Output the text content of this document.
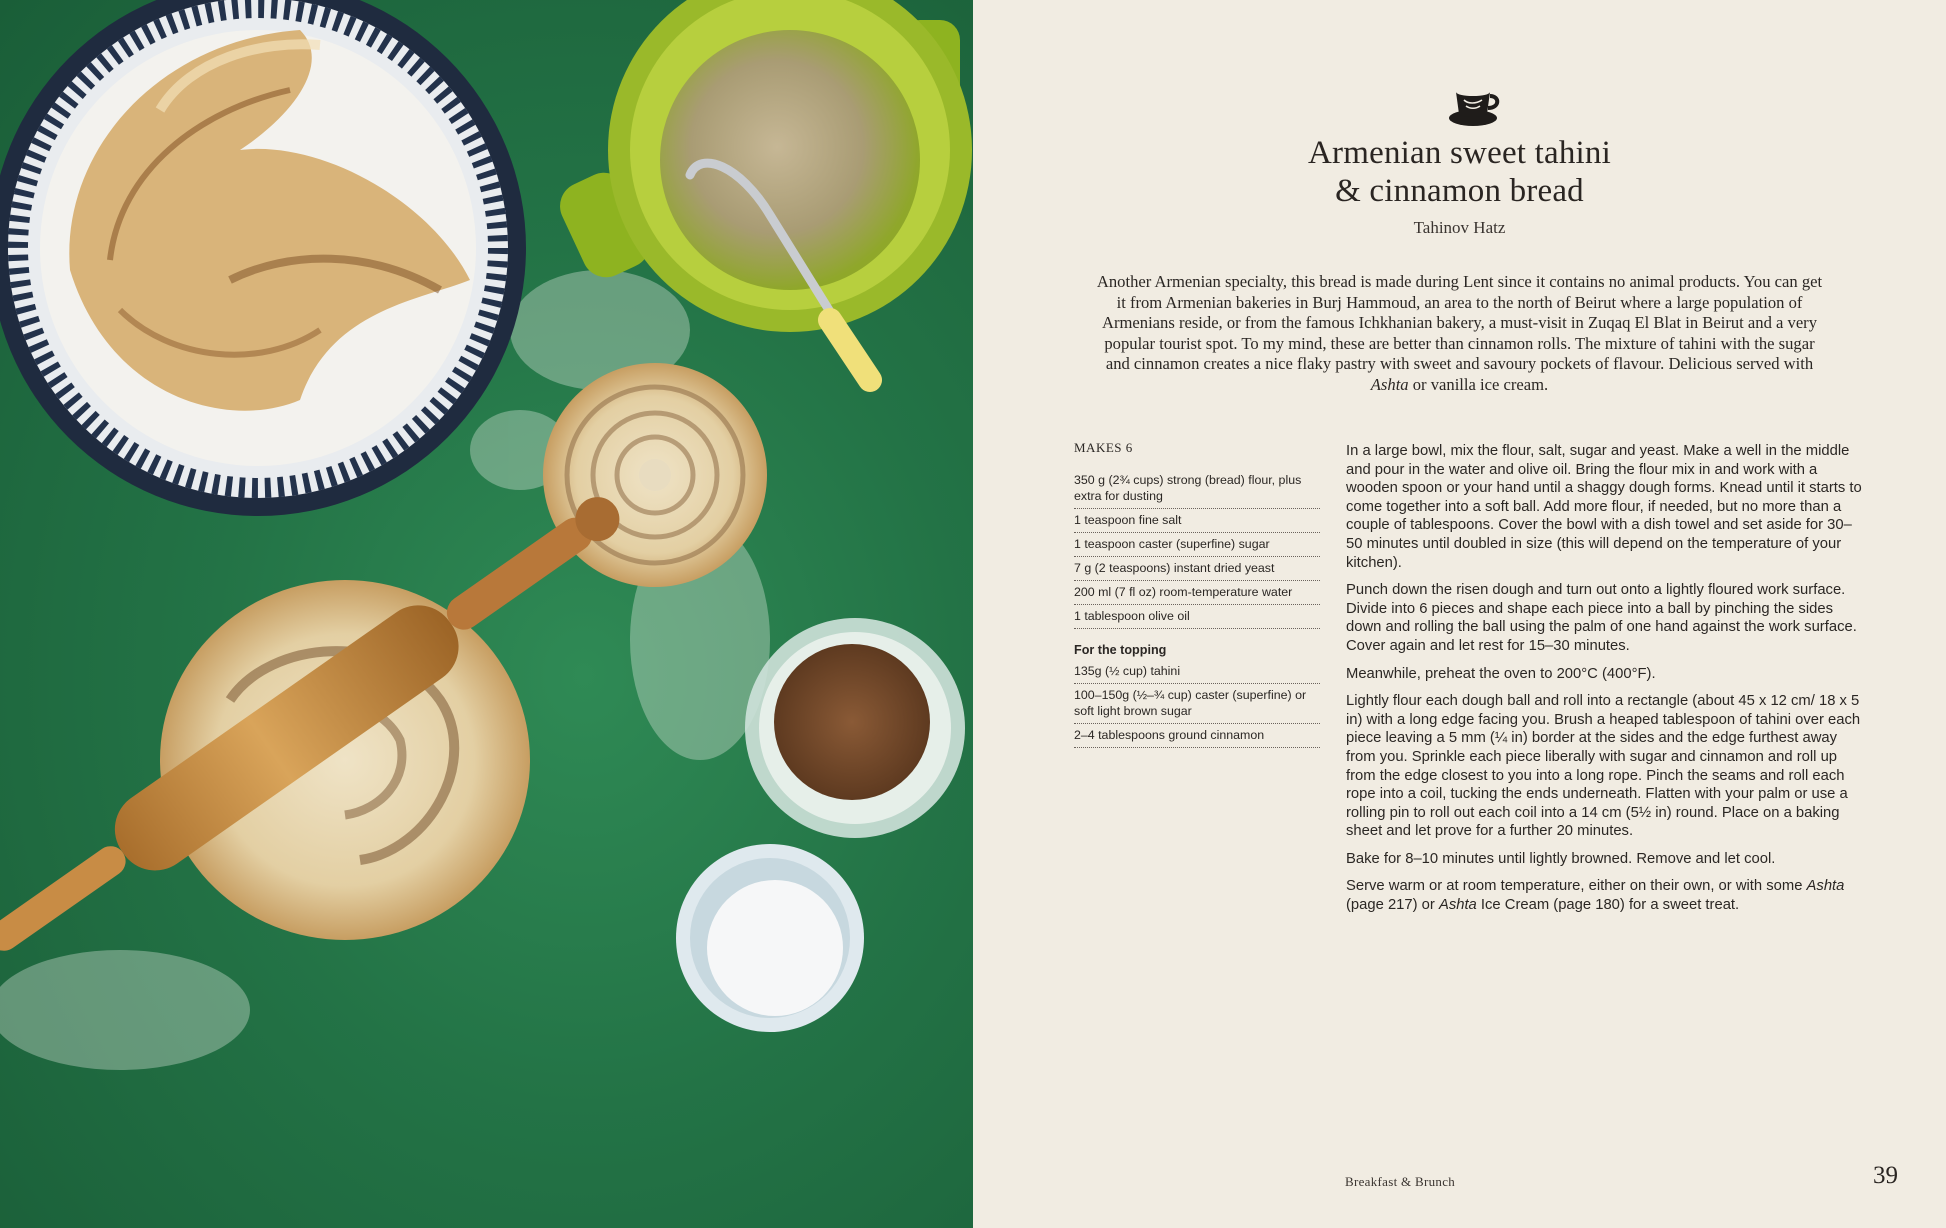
Armenian sweet tahini
& cinnamon bread
Tahinov Hatz

Another Armenian specialty, this bread is made during Lent since it contains no animal products. You can get it from Armenian bakeries in Burj Hammoud, an area to the north of Beirut where a large population of Armenians reside, or from the famous Ichkhanian bakery, a must-visit in Zuqaq El Blat in Beirut and a very popular tourist spot. To my mind, these are better than cinnamon rolls. The mixture of tahini with the sugar and cinnamon creates a nice flaky pastry with sweet and savoury pockets of flavour. Delicious served with Ashta or vanilla ice cream.

MAKES 6
350 g (2¾ cups) strong (bread) flour, plus extra for dusting
1 teaspoon fine salt
1 teaspoon caster (superfine) sugar
7 g (2 teaspoons) instant dried yeast
200 ml (7 fl oz) room-temperature water
1 tablespoon olive oil
For the topping
135g (½ cup) tahini
100–150g (½–¾ cup) caster (superfine) or soft light brown sugar
2–4 tablespoons ground cinnamon

In a large bowl, mix the flour, salt, sugar and yeast. Make a well in the middle and pour in the water and olive oil. Bring the flour mix in and work with a wooden spoon or your hand until a shaggy dough forms. Knead until it starts to come together into a soft ball. Add more flour, if needed, but no more than a couple of tablespoons. Cover the bowl with a dish towel and set aside for 30–50 minutes until doubled in size (this will depend on the temperature of your kitchen).

Punch down the risen dough and turn out onto a lightly floured work surface. Divide into 6 pieces and shape each piece into a ball by pinching the sides down and rolling the ball using the palm of one hand against the work surface. Cover again and let rest for 15–30 minutes.

Meanwhile, preheat the oven to 200°C (400°F).

Lightly flour each dough ball and roll into a rectangle (about 45 x 12 cm/ 18 x 5 in) with a long edge facing you. Brush a heaped tablespoon of tahini over each piece leaving a 5 mm (¼ in) border at the sides and the edge furthest away from you. Sprinkle each piece liberally with sugar and cinnamon and roll up from the edge closest to you into a long rope. Pinch the seams and roll each rope into a coil, tucking the ends underneath. Flatten with your palm or use a rolling pin to roll out each coil into a 14 cm (5½ in) round. Place on a baking sheet and let prove for a further 20 minutes.

Bake for 8–10 minutes until lightly browned. Remove and let cool.

Serve warm or at room temperature, either on their own, or with some Ashta (page 217) or Ashta Ice Cream (page 180) for a sweet treat.

Breakfast & Brunch	39
